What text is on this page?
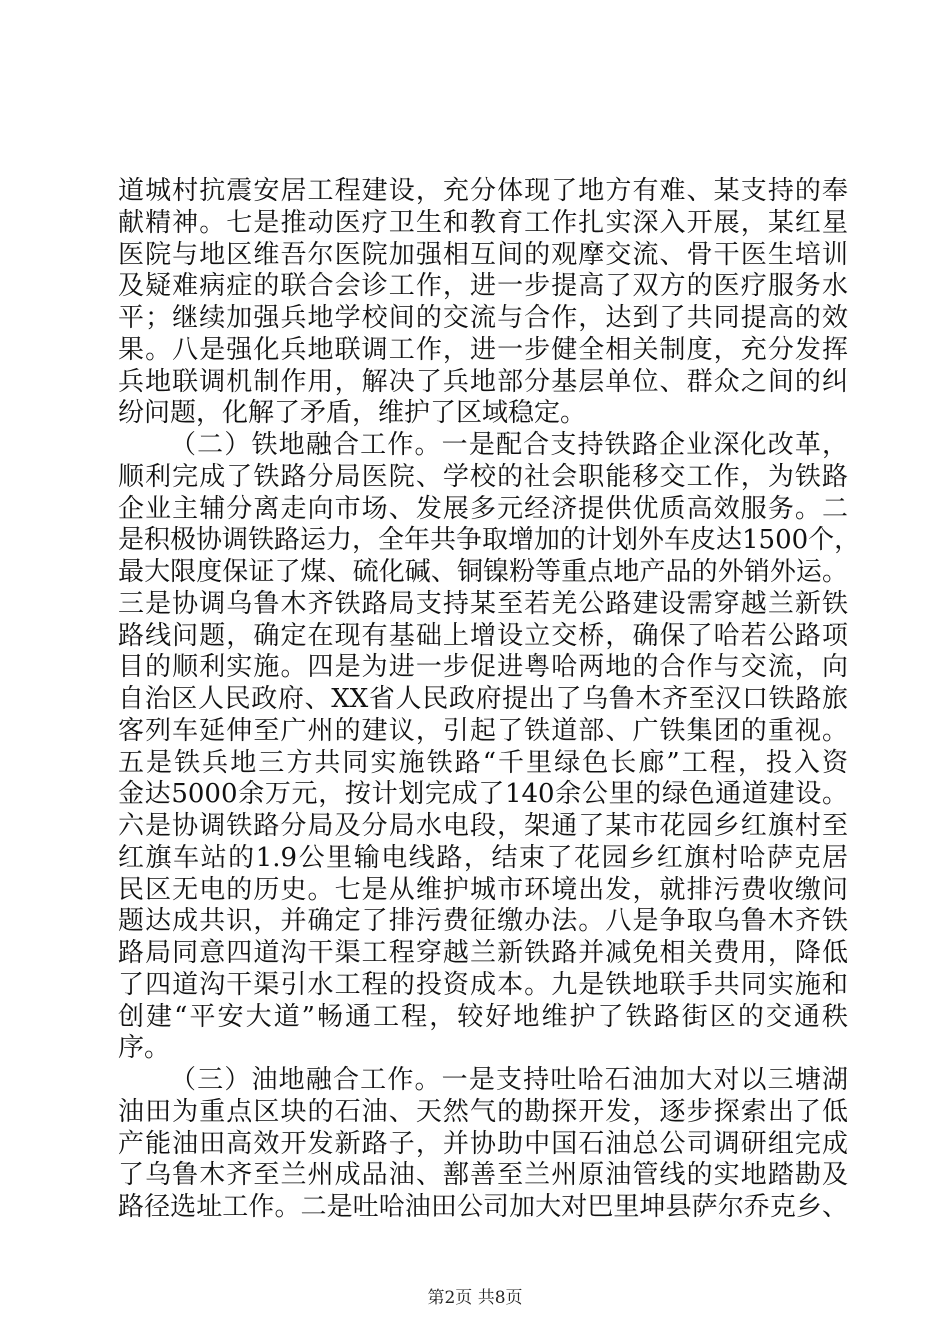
道城村抗震安居工程建设，充分体现了地方有难、某支持的奉
献精神。七是推动医疗卫生和教育工作扎实深入开展，某红星
医院与地区维吾尔医院加强相互间的观摩交流、骨干医生培训
及疑难病症的联合会诊工作，进一步提高了双方的医疗服务水
平；继续加强兵地学校间的交流与合作，达到了共同提高的效
果。八是强化兵地联调工作，进一步健全相关制度，充分发挥
兵地联调机制作用，解决了兵地部分基层单位、群众之间的纠
纷问题，化解了矛盾，维护了区域稳定。
（二）铁地融合工作。一是配合支持铁路企业深化改革，
顺利完成了铁路分局医院、学校的社会职能移交工作，为铁路
企业主辅分离走向市场、发展多元经济提供优质高效服务。二
是积极协调铁路运力，全年共争取增加的计划外车皮达1500个，
最大限度保证了煤、硫化碱、铜镍粉等重点地产品的外销外运。
三是协调乌鲁木齐铁路局支持某至若羌公路建设需穿越兰新铁
路线问题，确定在现有基础上增设立交桥，确保了哈若公路项
目的顺利实施。四是为进一步促进粤哈两地的合作与交流，向
自治区人民政府、XX省人民政府提出了乌鲁木齐至汉口铁路旅
客列车延伸至广州的建议，引起了铁道部、广铁集团的重视。
五是铁兵地三方共同实施铁路“千里绿色长廊”工程，投入资
金达5000余万元，按计划完成了140余公里的绿色通道建设。
六是协调铁路分局及分局水电段，架通了某市花园乡红旗村至
红旗车站的1.9公里输电线路，结束了花园乡红旗村哈萨克居
民区无电的历史。七是从维护城市环境出发，就排污费收缴问
题达成共识，并确定了排污费征缴办法。八是争取乌鲁木齐铁
路局同意四道沟干渠工程穿越兰新铁路并减免相关费用，降低
了四道沟干渠引水工程的投资成本。九是铁地联手共同实施和
创建“平安大道”畅通工程，较好地维护了铁路街区的交通秩
序。
（三）油地融合工作。一是支持吐哈石油加大对以三塘湖
油田为重点区块的石油、天然气的勘探开发，逐步探索出了低
产能油田高效开发新路子，并协助中国石油总公司调研组完成
了乌鲁木齐至兰州成品油、鄯善至兰州原油管线的实地踏勘及
路径选址工作。二是吐哈油田公司加大对巴里坤县萨尔乔克乡、
第2页 共8页
